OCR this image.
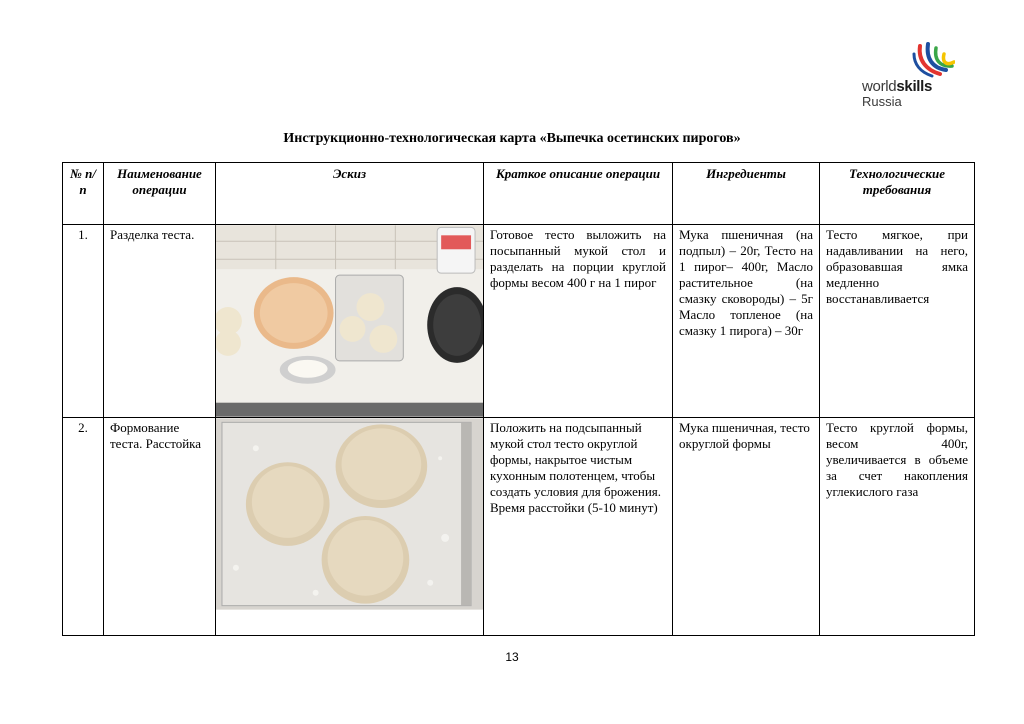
worldskills
Russia
Инструкционно-технологическая карта «Выпечка осетинских пирогов»
№ п/п	Наименование операции	Эскиз	Краткое описание операции	Ингредиенты	Технологические требования
1.	Разделка теста.		Готовое тесто выложить на посыпанный мукой стол и разделать на порции круглой формы весом 400 г на 1 пирог	Мука пшеничная (на подпыл) – 20г, Тесто на 1 пирог– 400г, Масло растительное (на смазку сковороды) – 5г Масло топленое (на смазку 1 пирога) – 30г	Тесто мягкое, при надавливании на него, образовавшая ямка медленно восстанавливается
2.	Формование теста. Расстойка		Положить на подсыпанный мукой стол тесто округлой формы, накрытое чистым кухонным полотенцем, чтобы создать условия для брожения. Время расстойки (5-10 минут)	Мука пшеничная, тесто округлой формы	Тесто круглой формы, весом 400г, увеличивается в объеме за счет накопления углекислого газа
13
